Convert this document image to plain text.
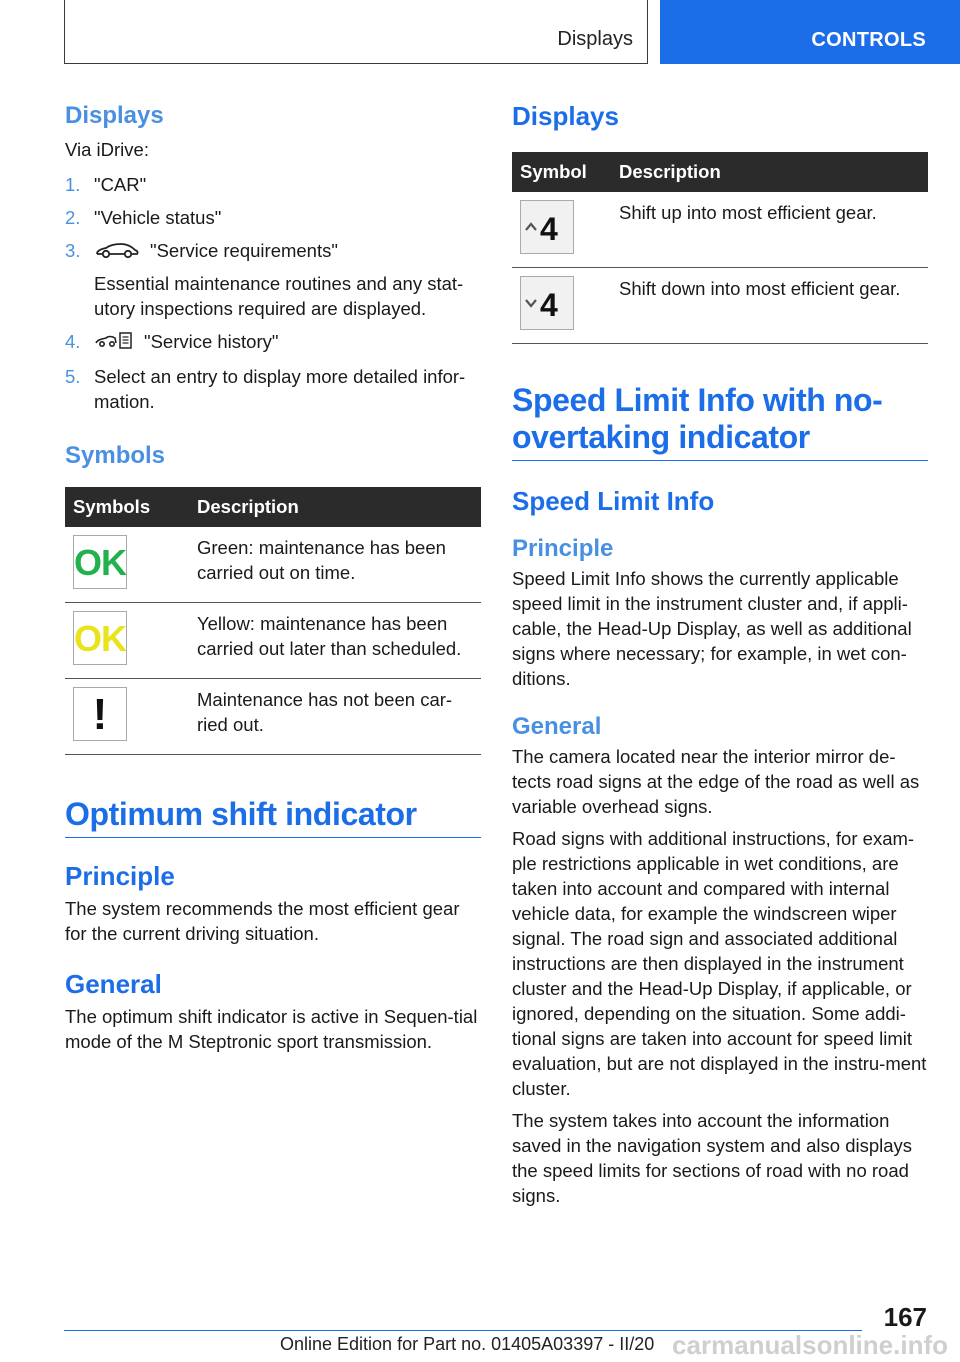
Displays	CONTROLS
Displays

Via iDrive:

1. "CAR"
2. "Vehicle status"
3.	"Service requirements"
Essential maintenance routines and any stat-utory inspections required are displayed.
4.	"Service history"
5. Select an entry to display more detailed infor-mation.
Symbols
Symbols	Description

OK	Green: maintenance has been carried out on time.

OK	Yellow: maintenance has been carried out later than scheduled.

!	Maintenance has not been car-ried out.
Optimum shift indicator
Principle

The system recommends the most efficient gear for the current driving situation.

General

The optimum shift indicator is active in Sequen-tial mode of the M Steptronic sport transmission.

Displays
Symbol	Description

4	Shift up into most efficient gear.

4	Shift down into most efficient gear.
Speed Limit Info with no-overtaking indicator
Speed Limit Info
Principle

Speed Limit Info shows the currently applicable speed limit in the instrument cluster and, if appli-cable, the Head-Up Display, as well as additional signs where necessary; for example, in wet con-ditions.

General

The camera located near the interior mirror de-tects road signs at the edge of the road as well as variable overhead signs.

Road signs with additional instructions, for exam-ple restrictions applicable in wet conditions, are taken into account and compared with internal vehicle data, for example the windscreen wiper signal. The road sign and associated additional instructions are then displayed in the instrument cluster and the Head-Up Display, if applicable, or ignored, depending on the situation. Some addi-tional signs are taken into account for speed limit evaluation, but are not displayed in the instru-ment cluster.

The system takes into account the information saved in the navigation system and also displays the speed limits for sections of road with no road signs.

167
Online Edition for Part no. 01405A03397 - II/20 carmanualsonline.info
